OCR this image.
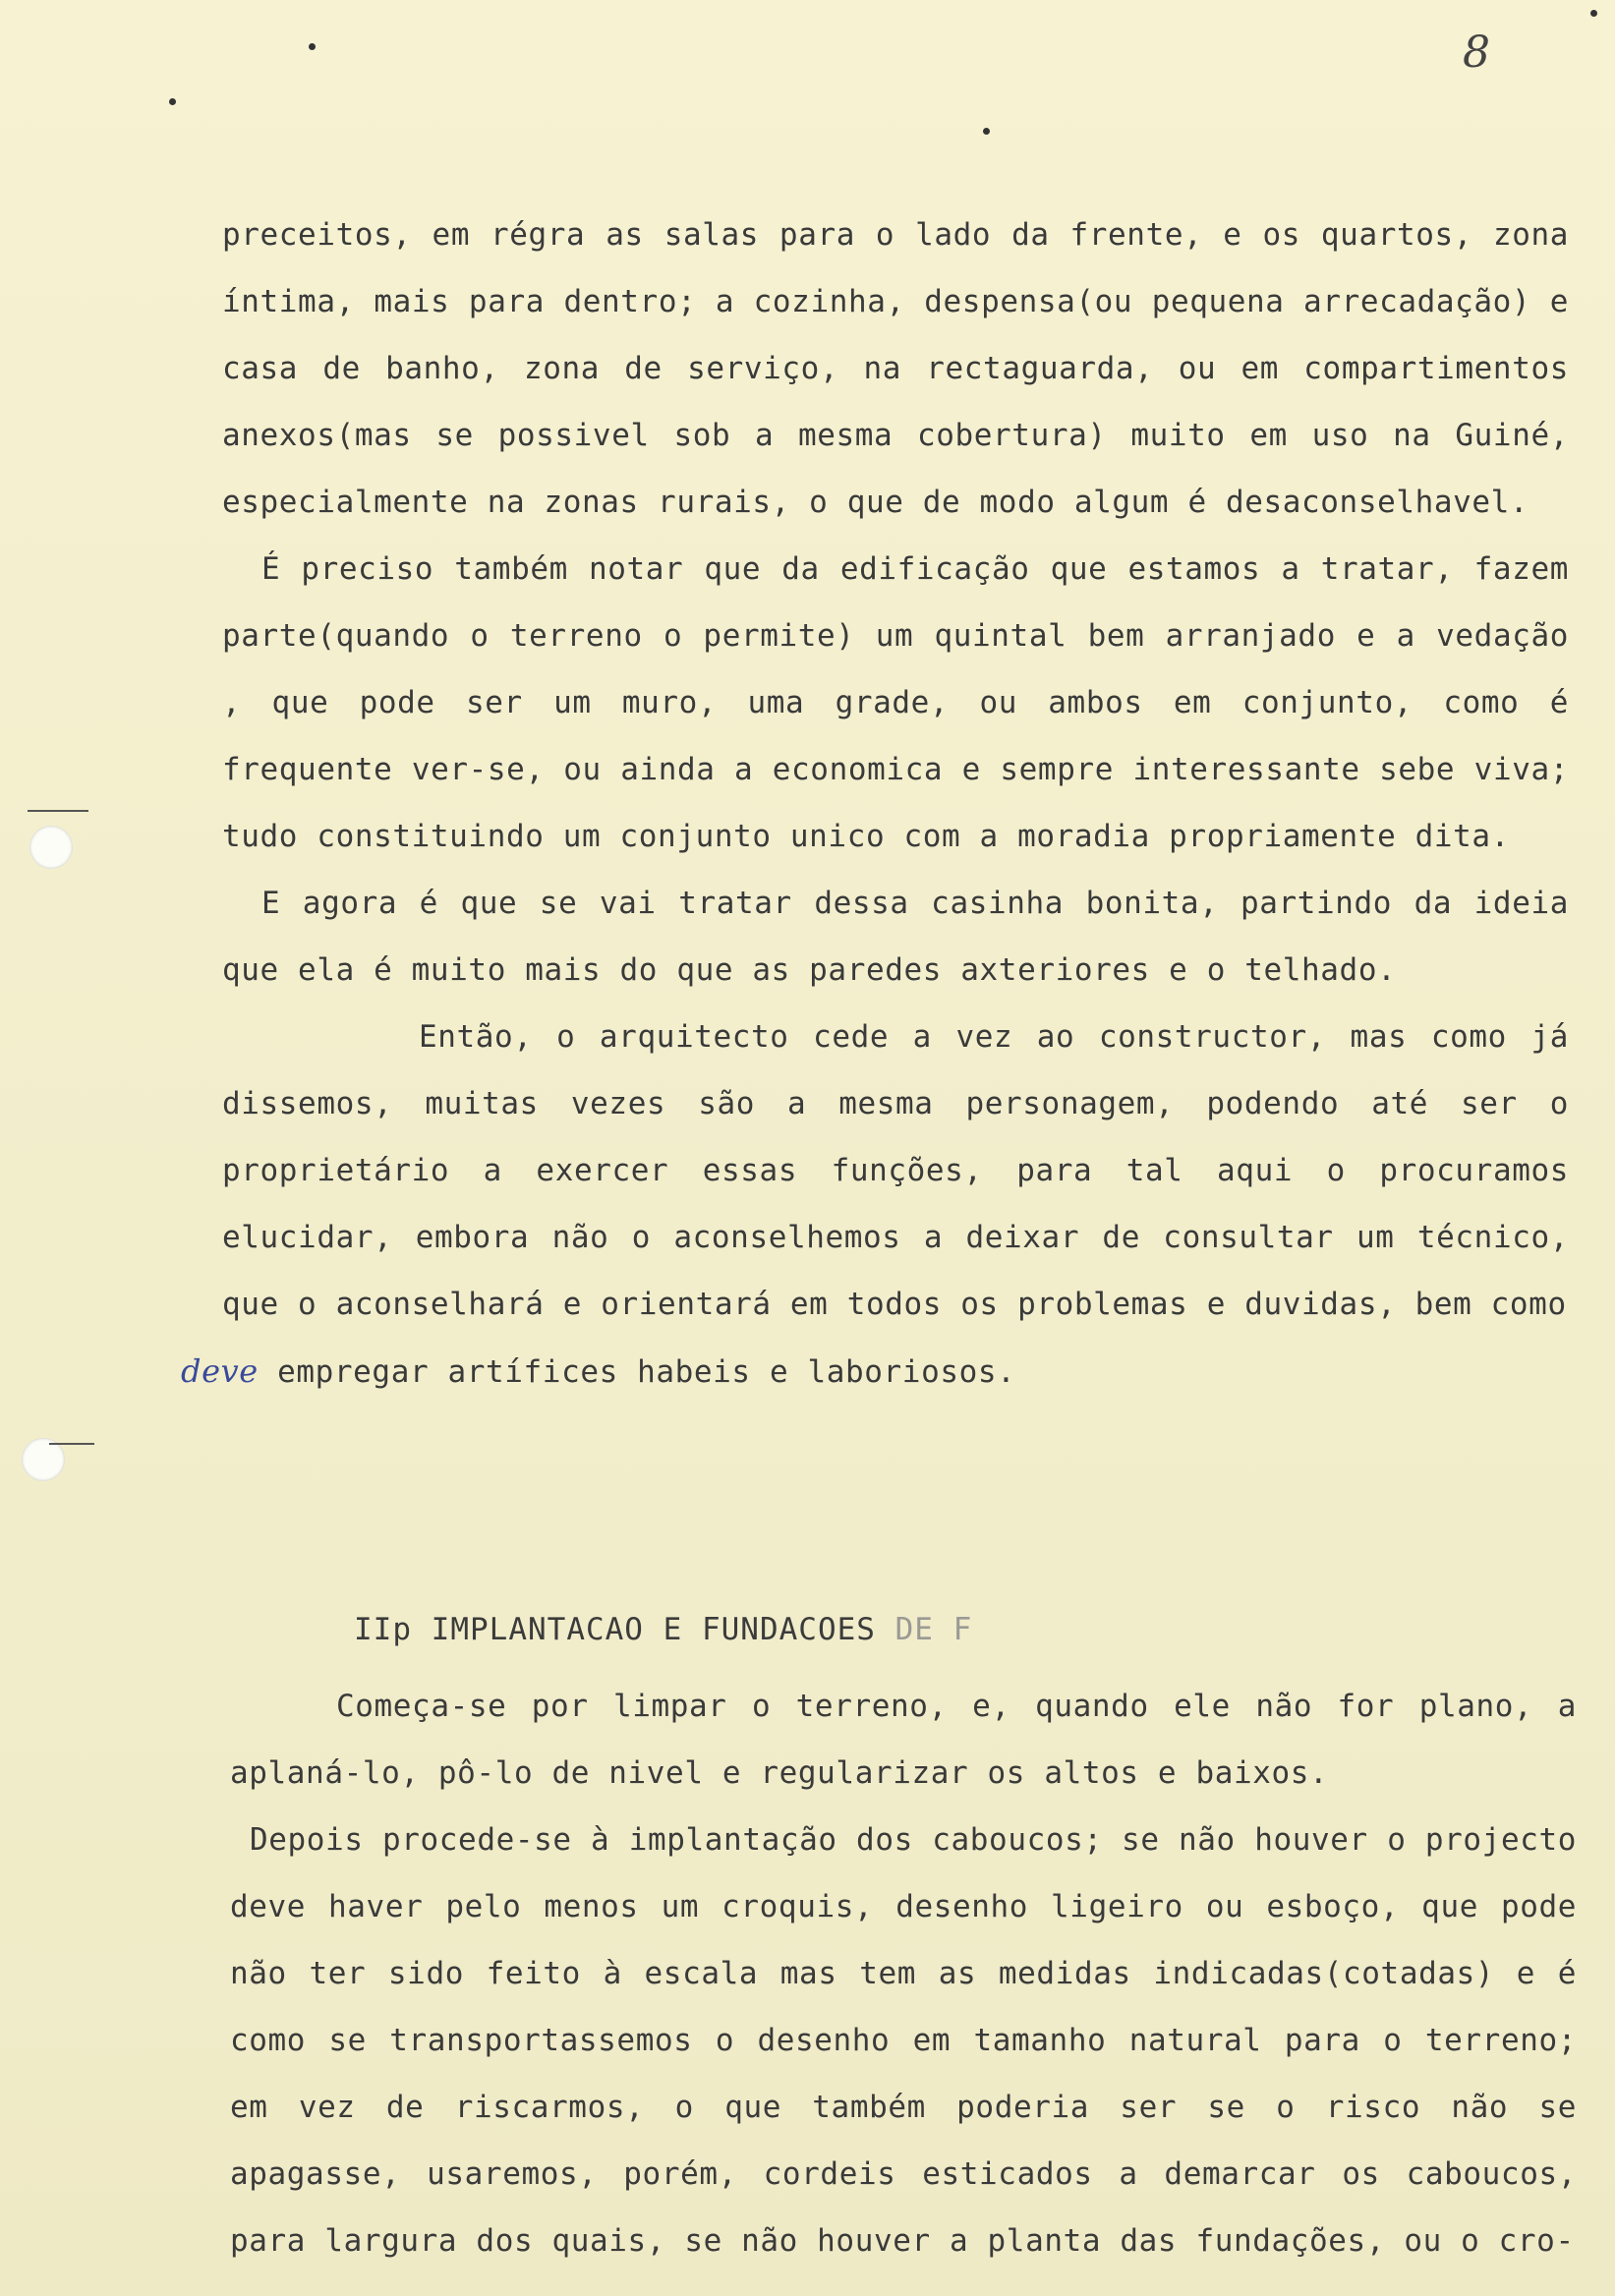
8

preceitos, em régra as salas para o lado da frente, e os quartos, zona íntima, mais para dentro; a cozinha, despensa(ou pequena arrecadação) e casa de banho, zona de serviço, na rectaguarda, ou em compartimentos anexos(mas se possivel sob a mesma cobertura) muito em uso na Guiné, especialmente na zonas rurais, o que de modo algum é desaconselhavel.

É preciso também notar que da edificação que estamos a tratar, fazem parte(quando o terreno o permite) um quintal bem arranjado e a vedação , que pode ser um muro, uma grade, ou ambos em conjunto, como é frequente ver-se, ou ainda a economica e sempre interessante sebe viva; tudo constituindo um conjunto unico com a moradia propriamente dita.

E agora é que se vai tratar dessa casinha bonita, partindo da ideia que ela é muito mais do que as paredes axteriores e o telhado.

Então, o arquitecto cede a vez ao constructor, mas como já dissemos, muitas vezes são a mesma personagem, podendo até ser o proprietário a exercer essas funções, para tal aqui o procuramos elucidar, embora não o aconselhemos a deixar de consultar um técnico, que o aconselhará e orientará em todos os problemas e duvidas, bem como
deve empregar artífices habeis e laboriosos.

IIp IMPLANTACAO E FUNDACOES DE F

Começa-se por limpar o terreno, e, quando ele não for plano, a aplaná-lo, pô-lo de nivel e regularizar os altos e baixos.

Depois procede-se à implantação dos caboucos; se não houver o projecto deve haver pelo menos um croquis, desenho ligeiro ou esboço, que pode não ter sido feito à escala mas tem as medidas indicadas(cotadas) e é como se transportassemos o desenho em tamanho natural para o terreno; em vez de riscarmos, o que também poderia ser se o risco não se apagasse, usaremos, porém, cordeis esticados a demarcar os caboucos, para largura dos quais, se não houver a planta das fundações, ou o cro-
